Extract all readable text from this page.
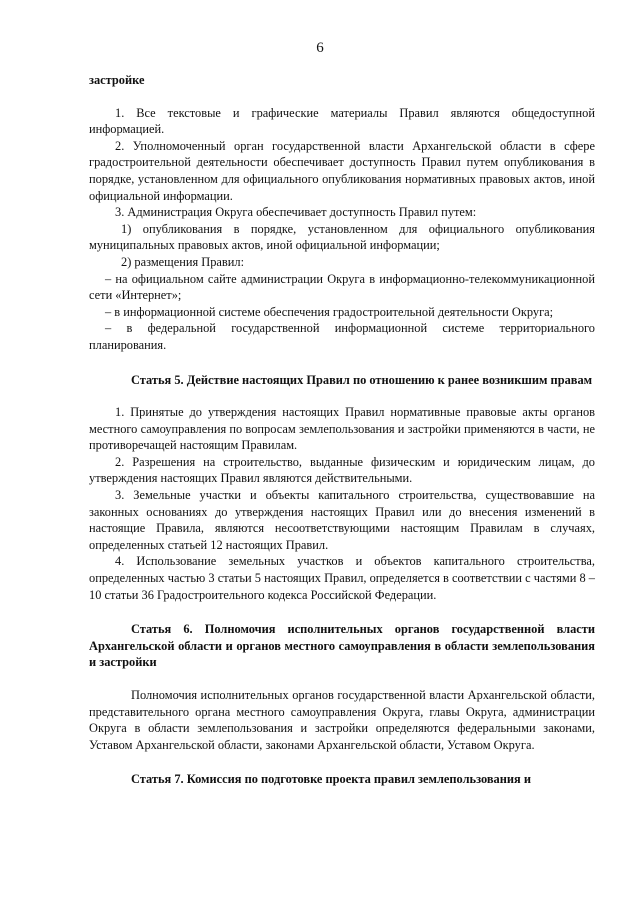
6

застройке

1. Все текстовые и графические материалы Правил являются общедоступной информацией.

2. Уполномоченный орган государственной власти Архангельской области в сфере градостроительной деятельности обеспечивает доступность Правил путем опубликования в порядке, установленном для официального опубликования нормативных правовых актов, иной официальной информации.

3. Администрация Округа обеспечивает доступность Правил путем:

1) опубликования в порядке, установленном для официального опубликования муниципальных правовых актов, иной официальной информации;

2) размещения Правил:

– на официальном сайте администрации Округа в информационно-телекоммуникационной сети «Интернет»;

– в информационной системе обеспечения градостроительной деятельности Округа;

– в федеральной государственной информационной системе территориального планирования.

Статья 5. Действие настоящих Правил по отношению к ранее возникшим правам

1. Принятые до утверждения настоящих Правил нормативные правовые акты органов местного самоуправления по вопросам землепользования и застройки применяются в части, не противоречащей настоящим Правилам.

2. Разрешения на строительство, выданные физическим и юридическим лицам, до утверждения настоящих Правил являются действительными.

3. Земельные участки и объекты капитального строительства, существовавшие на законных основаниях до утверждения настоящих Правил или до внесения изменений в настоящие Правила, являются несоответствующими настоящим Правилам в случаях, определенных статьей 12 настоящих Правил.

4. Использование земельных участков и объектов капитального строительства, определенных частью 3 статьи 5 настоящих Правил, определяется в соответствии с частями 8 – 10 статьи 36 Градостроительного кодекса Российской Федерации.

Статья 6. Полномочия исполнительных органов государственной власти Архангельской области и органов местного самоуправления в области землепользования и застройки

Полномочия исполнительных органов государственной власти Архангельской области, представительного органа местного самоуправления Округа, главы Округа, администрации Округа в области землепользования и застройки определяются федеральными законами, Уставом Архангельской области, законами Архангельской области, Уставом Округа.

Статья 7. Комиссия по подготовке проекта правил землепользования и
